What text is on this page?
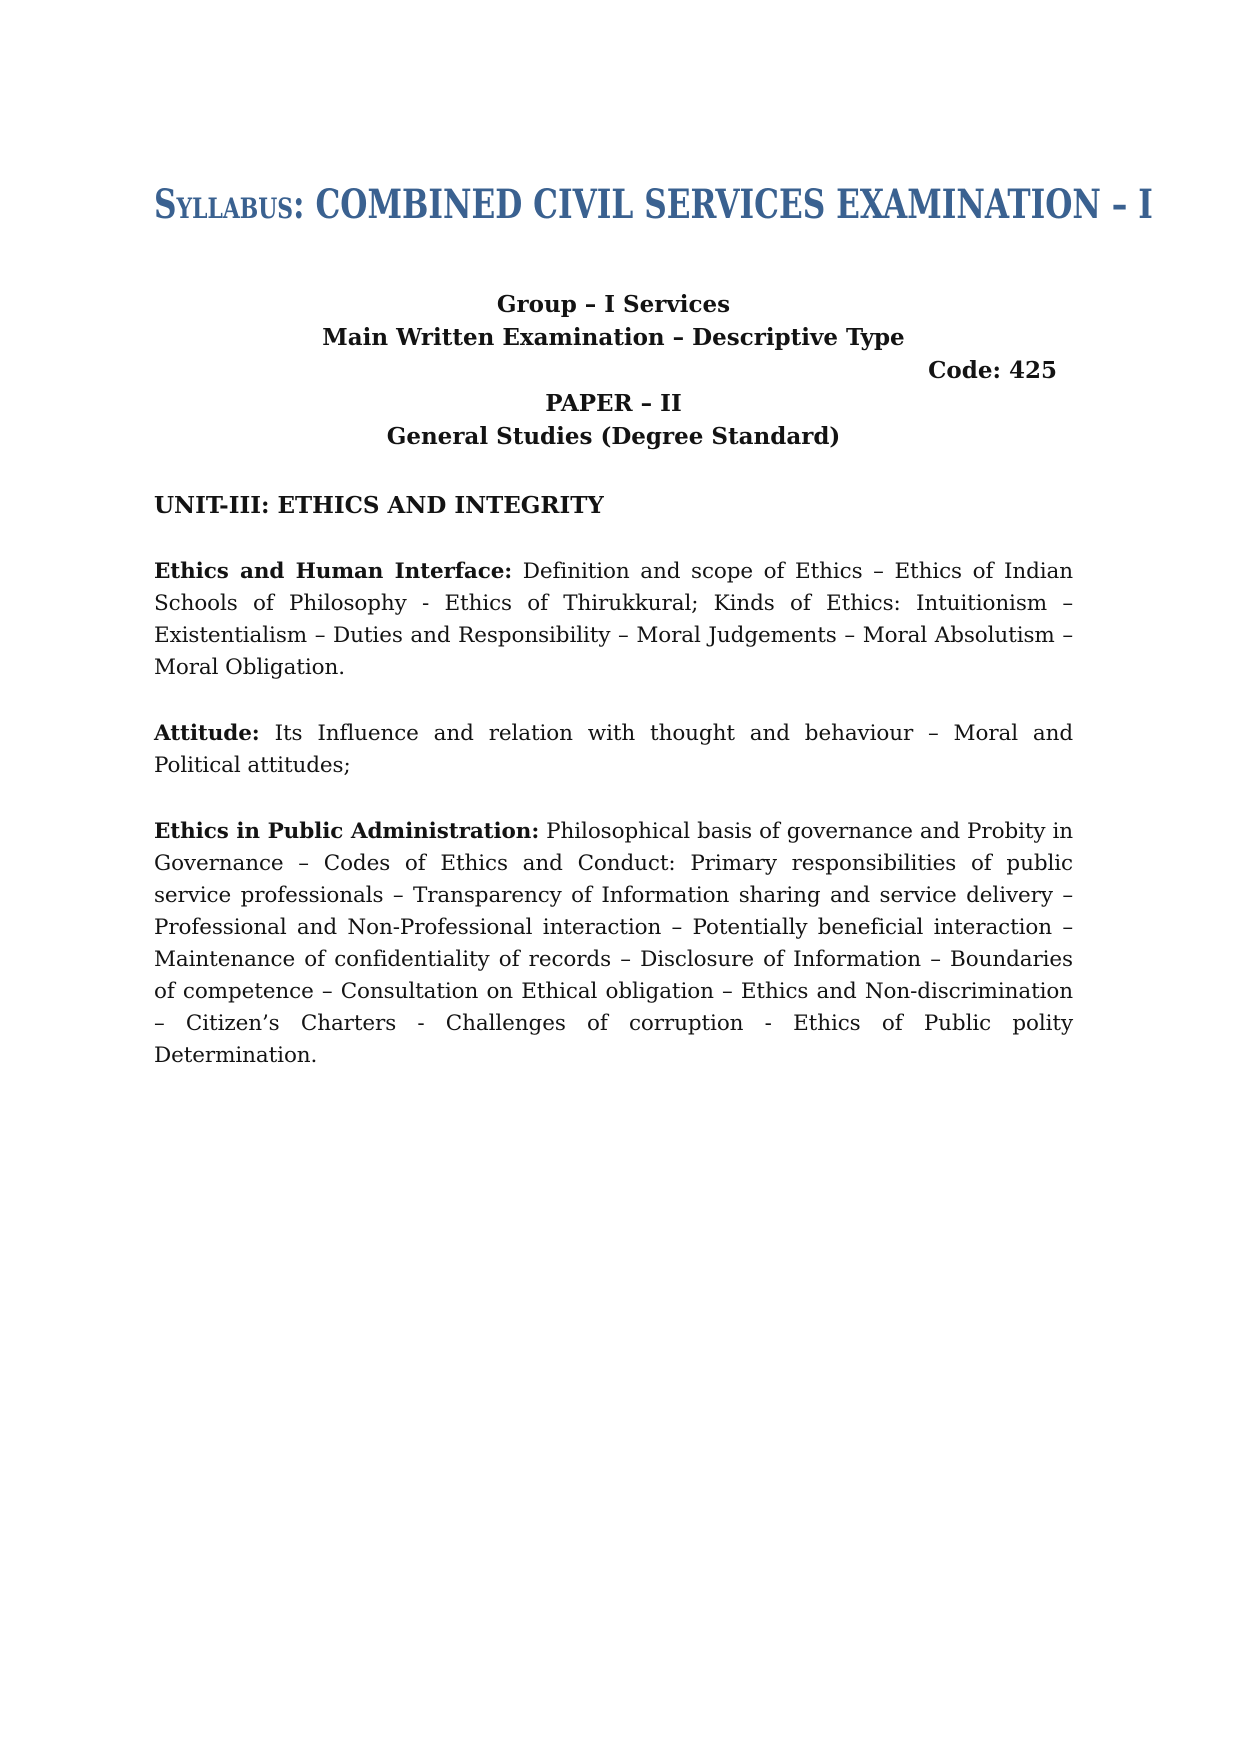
Syllabus: COMBINED CIVIL SERVICES EXAMINATION – I

Group – I Services

Main Written Examination – Descriptive Type

Code: 425

PAPER – II

General Studies (Degree Standard)

UNIT-III: ETHICS AND INTEGRITY

Ethics and Human Interface: Definition and scope of Ethics – Ethics of Indian Schools of Philosophy - Ethics of Thirukkural; Kinds of Ethics: Intuitionism – Existentialism – Duties and Responsibility – Moral Judgements – Moral Absolutism – Moral Obligation.

Attitude: Its Influence and relation with thought and behaviour – Moral and Political attitudes;

Ethics in Public Administration: Philosophical basis of governance and Probity in Governance – Codes of Ethics and Conduct: Primary responsibilities of public service professionals – Transparency of Information sharing and service delivery – Professional and Non-Professional interaction – Potentially beneficial interaction – Maintenance of confidentiality of records – Disclosure of Information – Boundaries of competence – Consultation on Ethical obligation – Ethics and Non-discrimination – Citizen’s Charters - Challenges of corruption - Ethics of Public polity Determination.
